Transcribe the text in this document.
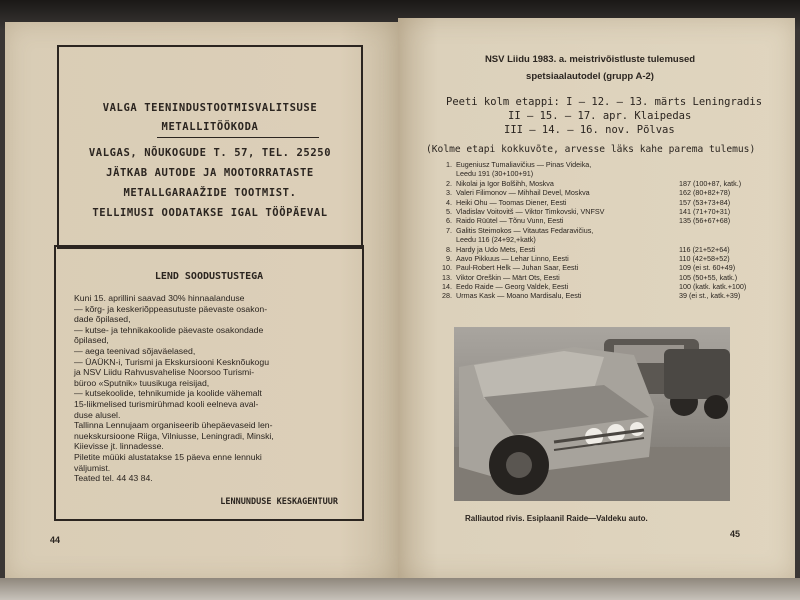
VALGA TEENINDUSTOOTMISVALITSUSE
METALLITÖÖKODA
VALGAS, NÕUKOGUDE T. 57, TEL. 25250
JÄTKAB AUTODE JA MOOTORRATASTE
METALLGARAAŽIDE TOOTMIST.
TELLIMUSI OODATAKSE IGAL TÖÖPÄEVAL
LEND SOODUSTUSTEGA
Kuni 15. aprillini saavad 30% hinnaalanduse
— kõrg- ja keskeriõppeasutuste päevaste osakon-
dade õpilased,
— kutse- ja tehnikakoolide päevaste osakondade
õpilased,
— aega teenivad sõjaväelased,
— ÜAÜKN-i, Turismi ja Ekskursiooni Kesknõukogu
ja NSV Liidu Rahvusvahelise Noorsoo Turismi-
büroo «Sputnik» tuusikuga reisijad,
— kutsekoolide, tehnikumide ja koolide vähemalt
15-liikmelised turismirühmad kooli eelneva aval-
duse alusel.
Tallinna Lennujaam organiseerib ühepäevaseid len-
nuekskursioone Riiga, Vilniusse, Leningradi, Minski,
Kiievisse jt. linnadesse.
Piletite müüki alustatakse 15 päeva enne lennuki
väljumist.
Teated tel. 44 43 84.
LENNUNDUSE KESKAGENTUUR
44
NSV Liidu 1983. a. meistrivõistluste tulemused
spetsiaalautodel (grupp A-2)
Peeti kolm etappi: I — 12. — 13. märts Leningradis
II — 15. — 17. apr. Klaipedas
III — 14. — 16. nov. Põlvas
(Kolme etapi kokkuvõte, arvesse läks kahe parema tulemus)
1. Eugeniusz Tumaliavičius — Pinas Videika,
Leedu 191 (30+100+91)
2. Nikolai ja Igor Bolšihh, Moskva	187 (100+87, katk.)
3. Valeri Filimonov — Mihhail Devel, Moskva	162 (80+82+78)
4. Heiki Ohu — Toomas Diener, Eesti	157 (53+73+84)
5. Vladislav Voitovitš — Viktor Timkovski, VNFSV	141 (71+70+31)
6. Raido Rüütel — Tõnu Vunn, Eesti	135 (56+67+68)
7. Galitis Steimokos — Vitautas Fedaravičius,
Leedu 116 (24+92,+katk)
8. Hardy ja Udo Mets, Eesti	116 (21+52+64)
9. Aavo Pikkuus — Lehar Linno, Eesti	110 (42+58+52)
10. Paul-Robert Helk — Juhan Saar, Eesti	109 (ei st. 60+49)
13. Viktor Oreškin — Märt Ots, Eesti	105 (50+55, katk.)
14. Eedo Raide — Georg Valdek, Eesti	100 (katk. katk.+100)
28. Urmas Kask — Moano Mardisalu, Eesti	39 (ei st., katk.+39)
Ralliautod rivis. Esiplaanil Raide—Valdeku auto.
45
